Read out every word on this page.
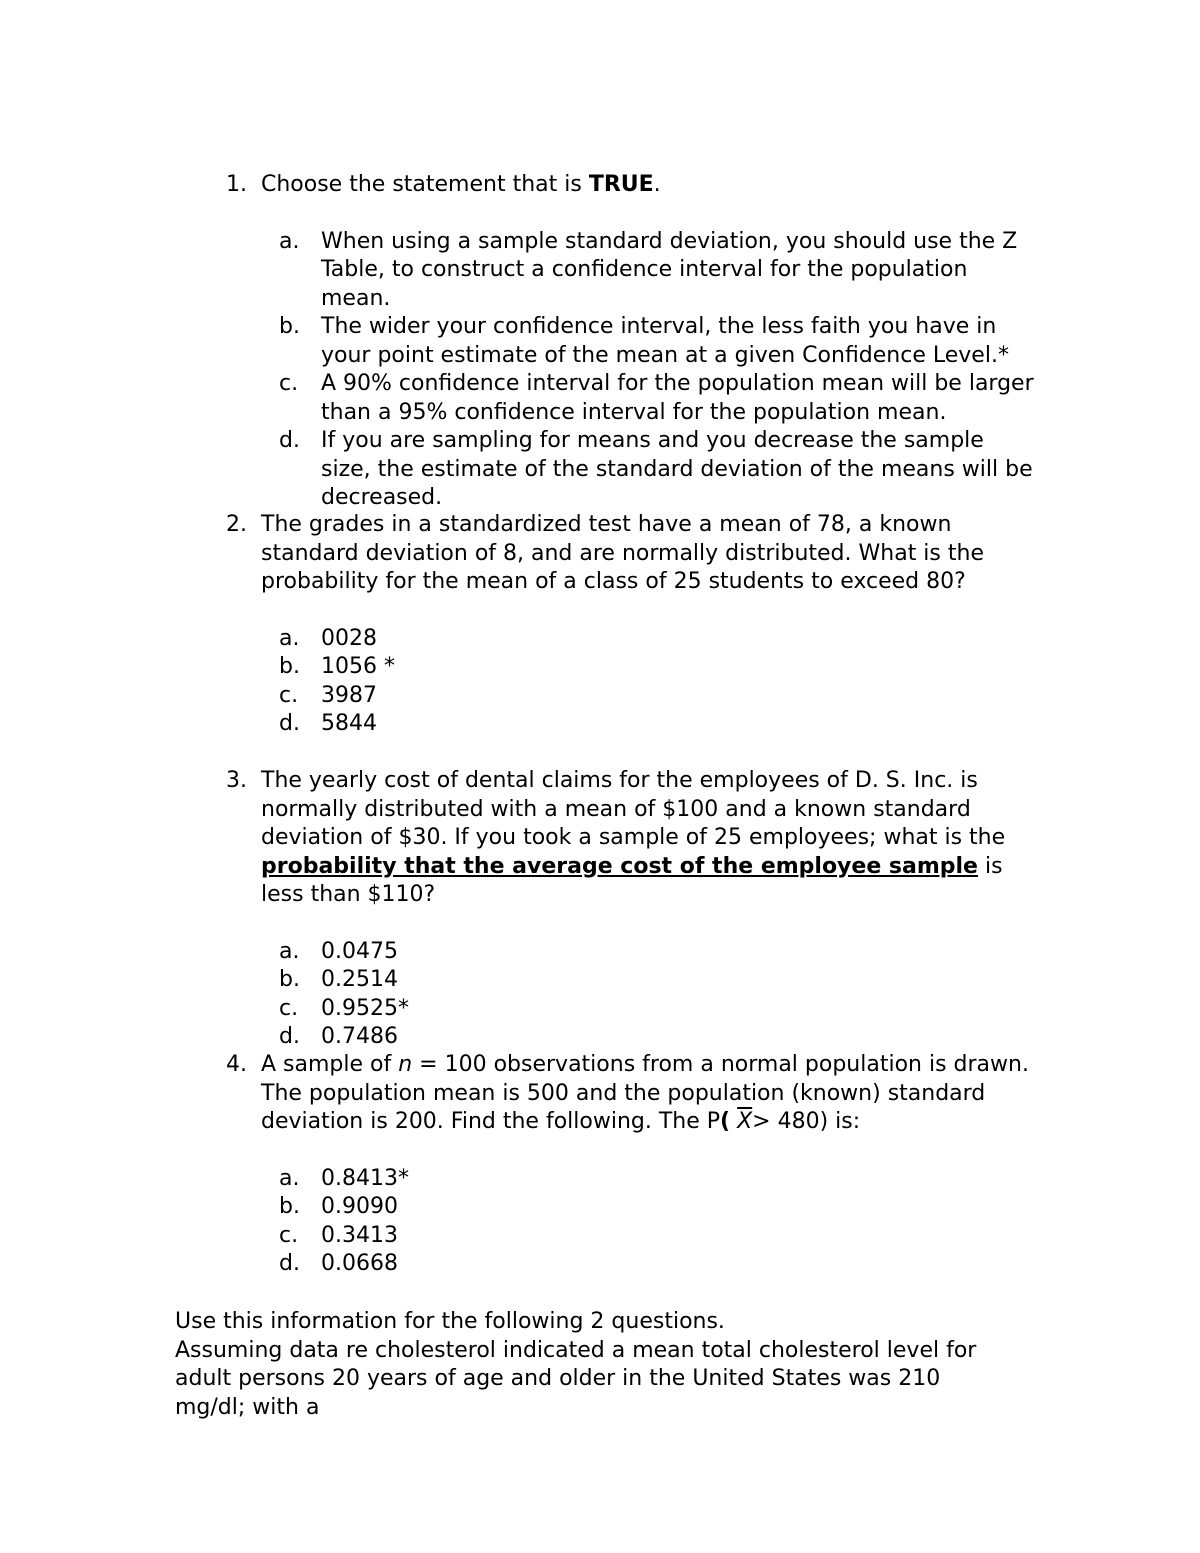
1. Choose the statement that is TRUE.
a. When using a sample standard deviation, you should use the Z Table, to construct a confidence interval for the population mean.
b. The wider your confidence interval, the less faith you have in your point estimate of the mean at a given Confidence Level.*
c.	A 90% confidence interval for the population mean will be larger than a 95% confidence interval for the population mean.
d. If you are sampling for means and you decrease the sample size, the estimate of the standard deviation of the means will be decreased.
2. The grades in a standardized test have a mean of 78, a known standard deviation of 8, and are normally distributed. What is the probability for the mean of a class of 25 students to exceed 80?
a. 0028
b. 1056 *
c.	3987
d. 5844
3. The yearly cost of dental claims for the employees of D. S. Inc. is normally distributed with a mean of $100 and a known standard deviation of $30. If you took a sample of 25 employees; what is the probability that the average cost of the employee sample is less than $110?
a. 0.0475
b. 0.2514
c.	0.9525*
d. 0.7486
4. A sample of n = 100 observations from a normal population is drawn. The population mean is 500 and the population (known) standard deviation is 200. Find the following. The P( $\overline{X}> 480$) is:
a. 0.8413*
b. 0.9090
c.	0.3413
d. 0.0668

Use this information for the following 2 questions.

Assuming data re cholesterol indicated a mean total cholesterol level for adult persons 20 years of age and older in the United States was 210 mg/dl; with a
